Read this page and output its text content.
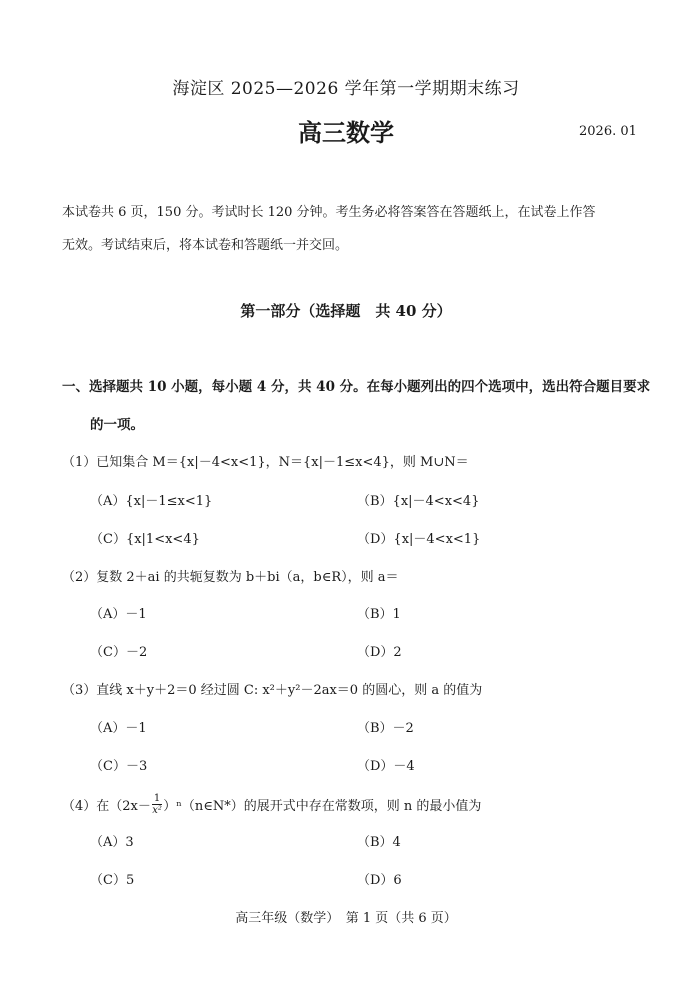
海淀区 2025—2026 学年第一学期期末练习
高三数学	2026. 01
本试卷共 6 页，150 分。考试时长 120 分钟。考生务必将答案答在答题纸上，在试卷上作答
无效。考试结束后，将本试卷和答题纸一并交回。
第一部分（选择题　共 40 分）
一、选择题共 10 小题，每小题 4 分，共 40 分。在每小题列出的四个选项中，选出符合题目要求
的一项。
（1）已知集合 M＝{x|－4<x<1}，N＝{x|－1≤x<4}，则 M∪N＝
（A）{x|－1≤x<1}	（B）{x|－4<x<4}
（C）{x|1<x<4}	（D）{x|－4<x<1}
（2）复数 2＋ai 的共轭复数为 b＋bi（a，b∈R），则 a＝
（A）－1	（B）1
（C）－2	（D）2
（3）直线 x＋y＋2＝0 经过圆 C: x²＋y²－2ax＝0 的圆心，则 a 的值为
（A）－1	（B）－2
（C）－3	（D）－4
（4）在（$2x- \frac{1}{\text{x²}}$ ）ⁿ（n∈N*）的展开式中存在常数项，则 n 的最小值为
（A）3	（B）4
（C）5	（D）6
高三年级（数学）　第 1 页（共 6 页）
